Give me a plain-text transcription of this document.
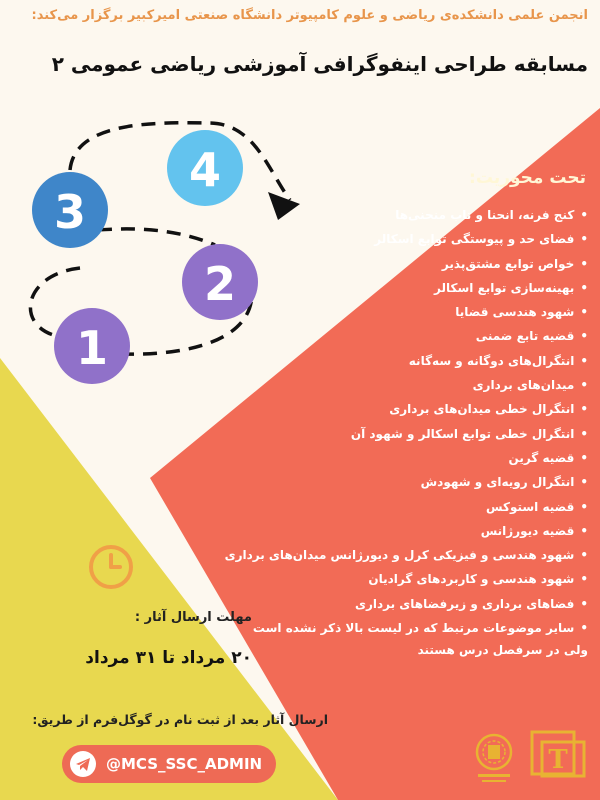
انجمن علمی دانشکده‌ی ریاضی و علوم کامپیوتر دانشگاه صنعتی امیرکبیر برگزار می‌کند:
مسابقه طراحی اینفوگرافی آموزشی ریاضی عمومی ۲
3
4
2
1
تحت محوریت:
•کنج فرنه، انحنا و تاب منحنی‌ها
•فضای حد و پیوستگی توابع اسکالر
•خواص توابع مشتق‌پذیر
•بهینه‌سازی توابع اسکالر
•شهود هندسی قضایا
•قضیه تابع ضمنی
•انتگرال‌های دوگانه و سه‌گانه
•میدان‌های برداری
•انتگرال خطی میدان‌های برداری
•انتگرال خطی توابع اسکالر و شهود آن
•قضیه گرین
•انتگرال رویه‌ای و شهودش
•قضیه استوکس
•قضیه دیورژانس
•شهود هندسی و فیزیکی کرل و دیورژانس میدان‌های برداری
•شهود هندسی و کاربردهای گرادیان
•فضاهای برداری و زیرفضاهای برداری
•سایر موضوعات مرتبط که در لیست بالا ذکر نشده است
ولی در سرفصل درس هستند
مهلت ارسال آثار :
۲۰ مرداد تا ۳۱ مرداد
ارسال آثار بعد از ثبت نام در گوگل‌فرم از طریق:
@MCS_SSC_ADMIN	T
